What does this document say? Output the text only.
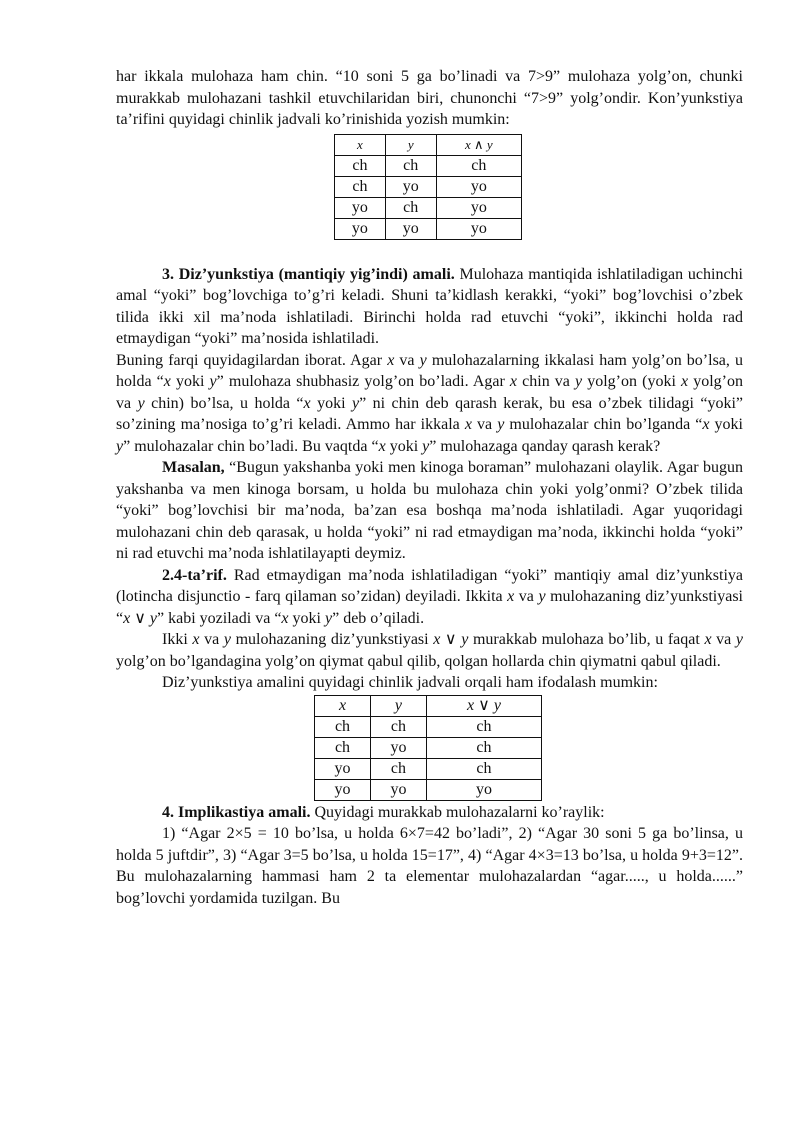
har ikkala mulohaza ham chin. “10 soni 5 ga bo’linadi va 7>9” mulohaza yolg’on, chunki murakkab mulohazani tashkil etuvchilaridan biri, chunonchi “7>9” yolg’ondir. Kon’yunkstiya ta’rifini quyidagi chinlik jadvali ko’rinishida yozish mumkin:

x	y	x ∧ y
ch	ch	ch
ch	yo	yo
yo	ch	yo
yo	yo	yo

3. Diz’yunkstiya (mantiqiy yig’indi) amali. Mulohaza mantiqida ishlatiladigan uchinchi amal “yoki” bog’lovchiga to’g’ri keladi. Shuni ta’kidlash kerakki, “yoki” bog’lovchisi o’zbek tilida ikki xil ma’noda ishlatiladi. Birinchi holda rad etuvchi “yoki”, ikkinchi holda rad etmaydigan “yoki” ma’nosida ishlatiladi.

Buning farqi quyidagilardan iborat. Agar x va y mulohazalarning ikkalasi ham yolg’on bo’lsa, u holda “x yoki y” mulohaza shubhasiz yolg’on bo’ladi. Agar x chin va y yolg’on (yoki x yolg’on va y chin) bo’lsa, u holda “x yoki y” ni chin deb qarash kerak, bu esa o’zbek tilidagi “yoki” so’zining ma’nosiga to’g’ri keladi. Ammo har ikkala x va y mulohazalar chin bo’lganda “x yoki y” mulohazalar chin bo’ladi. Bu vaqtda “x yoki y” mulohazaga qanday qarash kerak?

Masalan, “Bugun yakshanba yoki men kinoga boraman” mulohazani olaylik. Agar bugun yakshanba va men kinoga borsam, u holda bu mulohaza chin yoki yolg’onmi? O’zbek tilida “yoki” bog’lovchisi bir ma’noda, ba’zan esa boshqa ma’noda ishlatiladi. Agar yuqoridagi mulohazani chin deb qarasak, u holda “yoki” ni rad etmaydigan ma’noda, ikkinchi holda “yoki” ni rad etuvchi ma’noda ishlatilayapti deymiz.

2.4-ta’rif. Rad etmaydigan ma’noda ishlatiladigan “yoki” mantiqiy amal diz’yunkstiya (lotincha disjunctio - farq qilaman so’zidan) deyiladi. Ikkita x va y mulohazaning diz’yunkstiyasi “x ∨ y” kabi yoziladi va “x yoki y” deb o’qiladi.

Ikki x va y mulohazaning diz’yunkstiyasi x ∨ y murakkab mulohaza bo’lib, u faqat x va y yolg’on bo’lgandagina yolg’on qiymat qabul qilib, qolgan hollarda chin qiymatni qabul qiladi.

Diz’yunkstiya amalini quyidagi chinlik jadvali orqali ham ifodalash mumkin:

x	y	x ∨ y
ch	ch	ch
ch	yo	ch
yo	ch	ch
yo	yo	yo

4. Implikastiya amali. Quyidagi murakkab mulohazalarni ko’raylik:

1) “Agar 2×5 = 10 bo’lsa, u holda 6×7=42 bo’ladi”, 2) “Agar 30 soni 5 ga bo’linsa, u holda 5 juftdir”, 3) “Agar 3=5 bo’lsa, u holda 15=17”, 4) “Agar 4×3=13 bo’lsa, u holda 9+3=12”. Bu mulohazalarning hammasi ham 2 ta elementar mulohazalardan “agar....., u holda......” bog’lovchi yordamida tuzilgan. Bu
